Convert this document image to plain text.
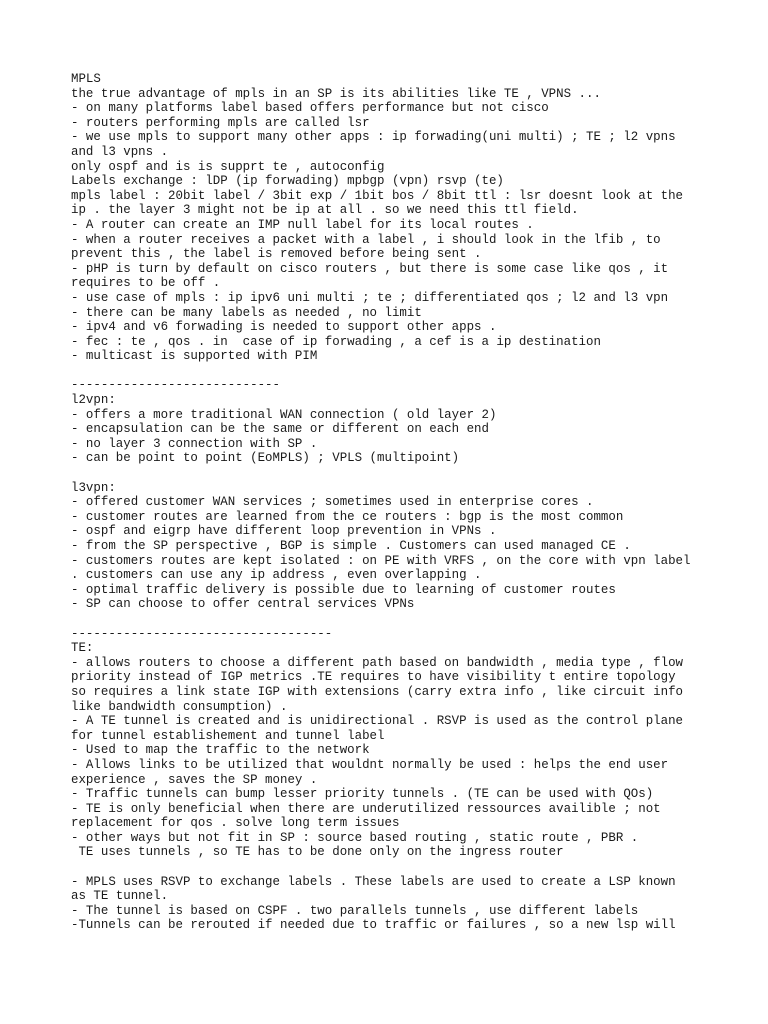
MPLS
the true advantage of mpls in an SP is its abilities like TE , VPNS ...
- on many platforms label based offers performance but not cisco
- routers performing mpls are called lsr
- we use mpls to support many other apps : ip forwading(uni multi) ; TE ; l2 vpns
and l3 vpns .
only ospf and is is supprt te , autoconfig
Labels exchange : lDP (ip forwading) mpbgp (vpn) rsvp (te)
mpls label : 20bit label / 3bit exp / 1bit bos / 8bit ttl : lsr doesnt look at the
ip . the layer 3 might not be ip at all . so we need this ttl field.
- A router can create an IMP null label for its local routes .
- when a router receives a packet with a label , i should look in the lfib , to
prevent this , the label is removed before being sent .
- pHP is turn by default on cisco routers , but there is some case like qos , it
requires to be off .
- use case of mpls : ip ipv6 uni multi ; te ; differentiated qos ; l2 and l3 vpn
- there can be many labels as needed , no limit
- ipv4 and v6 forwading is needed to support other apps .
- fec : te , qos . in  case of ip forwading , a cef is a ip destination
- multicast is supported with PIM
----------------------------
l2vpn:
- offers a more traditional WAN connection ( old layer 2)
- encapsulation can be the same or different on each end
- no layer 3 connection with SP .
- can be point to point (EoMPLS) ; VPLS (multipoint)
l3vpn:
- offered customer WAN services ; sometimes used in enterprise cores .
- customer routes are learned from the ce routers : bgp is the most common
- ospf and eigrp have different loop prevention in VPNs .
- from the SP perspective , BGP is simple . Customers can used managed CE .
- customers routes are kept isolated : on PE with VRFS , on the core with vpn label
. customers can use any ip address , even overlapping .
- optimal traffic delivery is possible due to learning of customer routes
- SP can choose to offer central services VPNs
-----------------------------------
TE:
- allows routers to choose a different path based on bandwidth , media type , flow
priority instead of IGP metrics .TE requires to have visibility t entire topology
so requires a link state IGP with extensions (carry extra info , like circuit info
like bandwidth consumption) .
- A TE tunnel is created and is unidirectional . RSVP is used as the control plane
for tunnel establishement and tunnel label
- Used to map the traffic to the network
- Allows links to be utilized that wouldnt normally be used : helps the end user
experience , saves the SP money .
- Traffic tunnels can bump lesser priority tunnels . (TE can be used with QOs)
- TE is only beneficial when there are underutilized ressources availible ; not
replacement for qos . solve long term issues
- other ways but not fit in SP : source based routing , static route , PBR .
TE uses tunnels , so TE has to be done only on the ingress router
- MPLS uses RSVP to exchange labels . These labels are used to create a LSP known
as TE tunnel.
- The tunnel is based on CSPF . two parallels tunnels , use different labels
-Tunnels can be rerouted if needed due to traffic or failures , so a new lsp will
